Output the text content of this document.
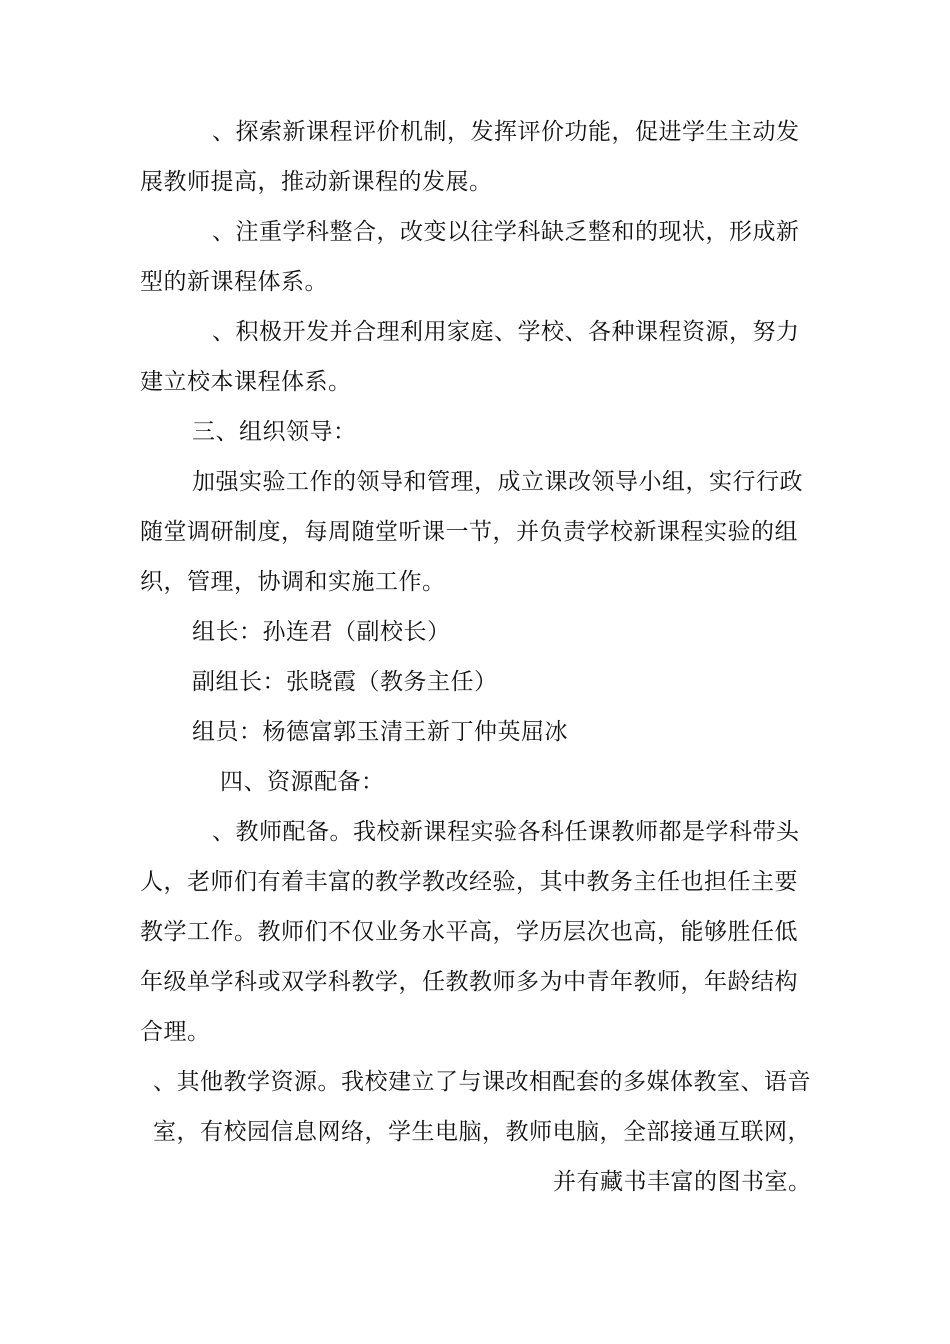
、探索新课程评价机制，发挥评价功能，促进学生主动发
展教师提高，推动新课程的发展。
、注重学科整合，改变以往学科缺乏整和的现状，形成新
型的新课程体系。
、积极开发并合理利用家庭、学校、各种课程资源，努力
建立校本课程体系。
三、组织领导：
加强实验工作的领导和管理，成立课改领导小组，实行行政
随堂调研制度，每周随堂听课一节，并负责学校新课程实验的组
织，管理，协调和实施工作。
组长：孙连君（副校长）
副组长：张晓霞（教务主任）
组员：杨德富郭玉清王新丁仲英屈冰
四、资源配备：
、教师配备。我校新课程实验各科任课教师都是学科带头
人，老师们有着丰富的教学教改经验，其中教务主任也担任主要
教学工作。教师们不仅业务水平高，学历层次也高，能够胜任低
年级单学科或双学科教学，任教教师多为中青年教师，年龄结构
合理。
、其他教学资源。我校建立了与课改相配套的多媒体教室、语音
室，有校园信息网络，学生电脑，教师电脑，全部接通互联网，
并有藏书丰富的图书室。
